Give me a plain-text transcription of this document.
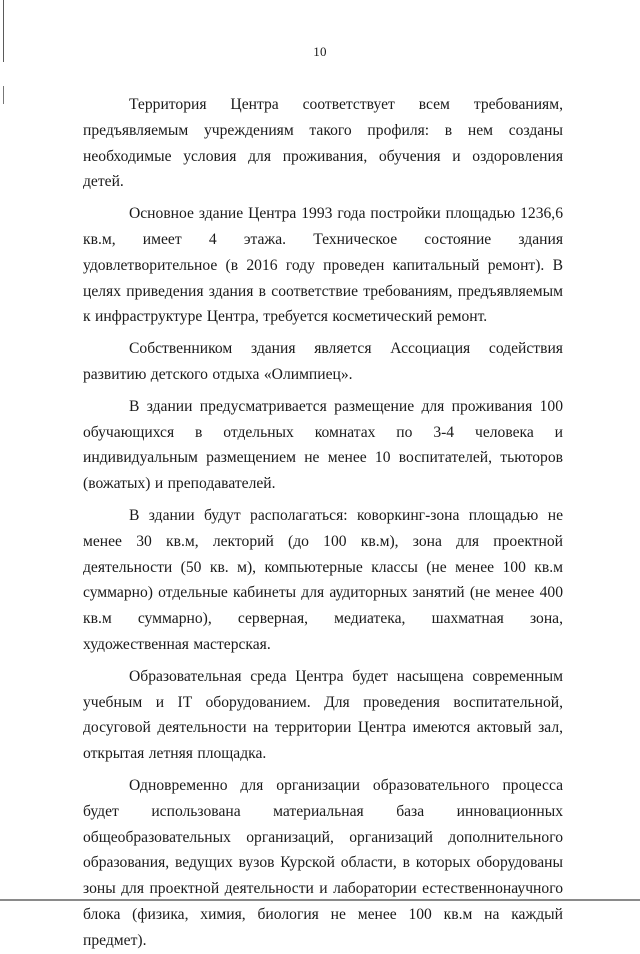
10

Территория Центра соответствует всем требованиям, предъявляемым учреждениям такого профиля: в нем созданы необходимые условия для проживания, обучения и оздоровления детей.

Основное здание Центра 1993 года постройки площадью 1236,6 кв.м, имеет 4 этажа. Техническое состояние здания удовлетворительное (в 2016 году проведен капитальный ремонт). В целях приведения здания в соответствие требованиям, предъявляемым к инфраструктуре Центра, требуется косметический ремонт.

Собственником здания является Ассоциация содействия развитию детского отдыха «Олимпиец».

В здании предусматривается размещение для проживания 100 обучающихся в отдельных комнатах по 3-4 человека и индивидуальным размещением не менее 10 воспитателей, тьюторов (вожатых) и преподавателей.

В здании будут располагаться: коворкинг-зона площадью не менее 30 кв.м, лекторий (до 100 кв.м), зона для проектной деятельности (50 кв. м), компьютерные классы (не менее 100 кв.м суммарно) отдельные кабинеты для аудиторных занятий (не менее 400 кв.м суммарно), серверная, медиатека, шахматная зона, художественная мастерская.

Образовательная среда Центра будет насыщена современным учебным и IT оборудованием. Для проведения воспитательной, досуговой деятельности на территории Центра имеются актовый зал, открытая летняя площадка.

Одновременно для организации образовательного процесса будет использована материальная база инновационных общеобразовательных организаций, организаций дополнительного образования, ведущих вузов Курской области, в которых оборудованы зоны для проектной деятельности и лаборатории естественнонаучного блока (физика, химия, биология не менее 100 кв.м на каждый предмет).
